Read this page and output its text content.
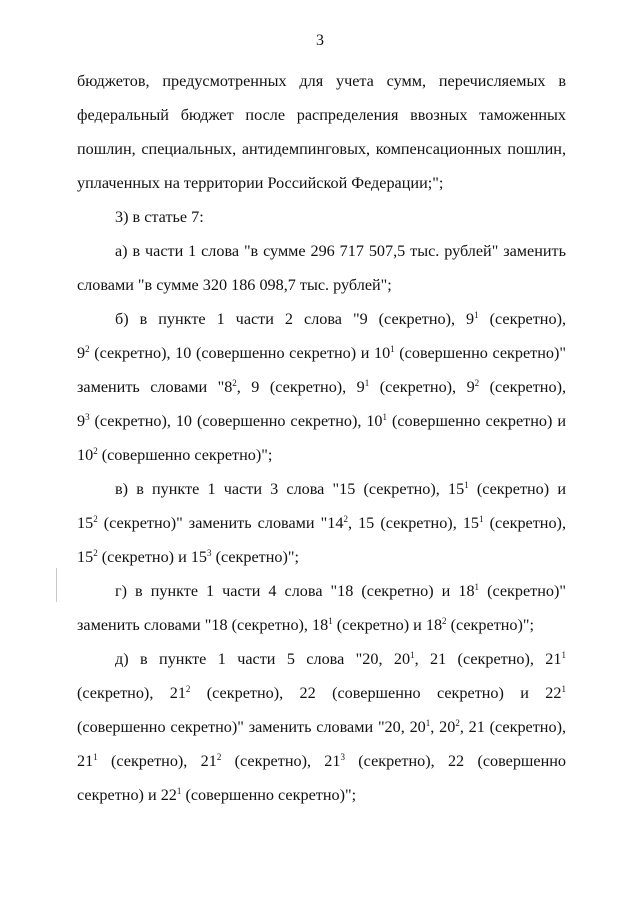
3
бюджетов, предусмотренных для учета сумм, перечисляемых в
федеральный бюджет после распределения ввозных таможенных
пошлин, специальных, антидемпинговых, компенсационных пошлин,
уплаченных на территории Российской Федерации;";
3) в статье 7:
а) в части 1 слова "в сумме 296 717 507,5 тыс. рублей" заменить
словами "в сумме 320 186 098,7 тыс. рублей";
б) в пункте 1 части 2 слова "9 (секретно), $9^1$ (секретно),
$9^2$ (секретно), 10 (совершенно секретно) и $10^1$ (совершенно секретно)"
заменить словами "$8^2$, 9 (секретно), $9^1$ (секретно), $9^2$ (секретно),
$9^3$ (секретно), 10 (совершенно секретно), $10^1$ (совершенно секретно) и
$10^2$ (совершенно секретно)";
в) в пункте 1 части 3 слова "15 (секретно), $15^1$ (секретно) и
$15^2$ (секретно)" заменить словами "$14^2$, 15 (секретно), $15^1$ (секретно),
$15^2$ (секретно) и $15^3$ (секретно)";
г) в пункте 1 части 4 слова "18 (секретно) и $18^1$ (секретно)"
заменить словами "18 (секретно), $18^1$ (секретно) и $18^2$ (секретно)";
д) в пункте 1 части 5 слова "20, $20^1$, 21 (секретно), $21^1$
(секретно), $21^2$ (секретно), 22 (совершенно секретно) и $22^1$
(совершенно секретно)" заменить словами "20, $20^1$, $20^2$, 21 (секретно),
$21^1$ (секретно), $21^2$ (секретно), $21^3$ (секретно), 22 (совершенно
секретно) и $22^1$ (совершенно секретно)";
